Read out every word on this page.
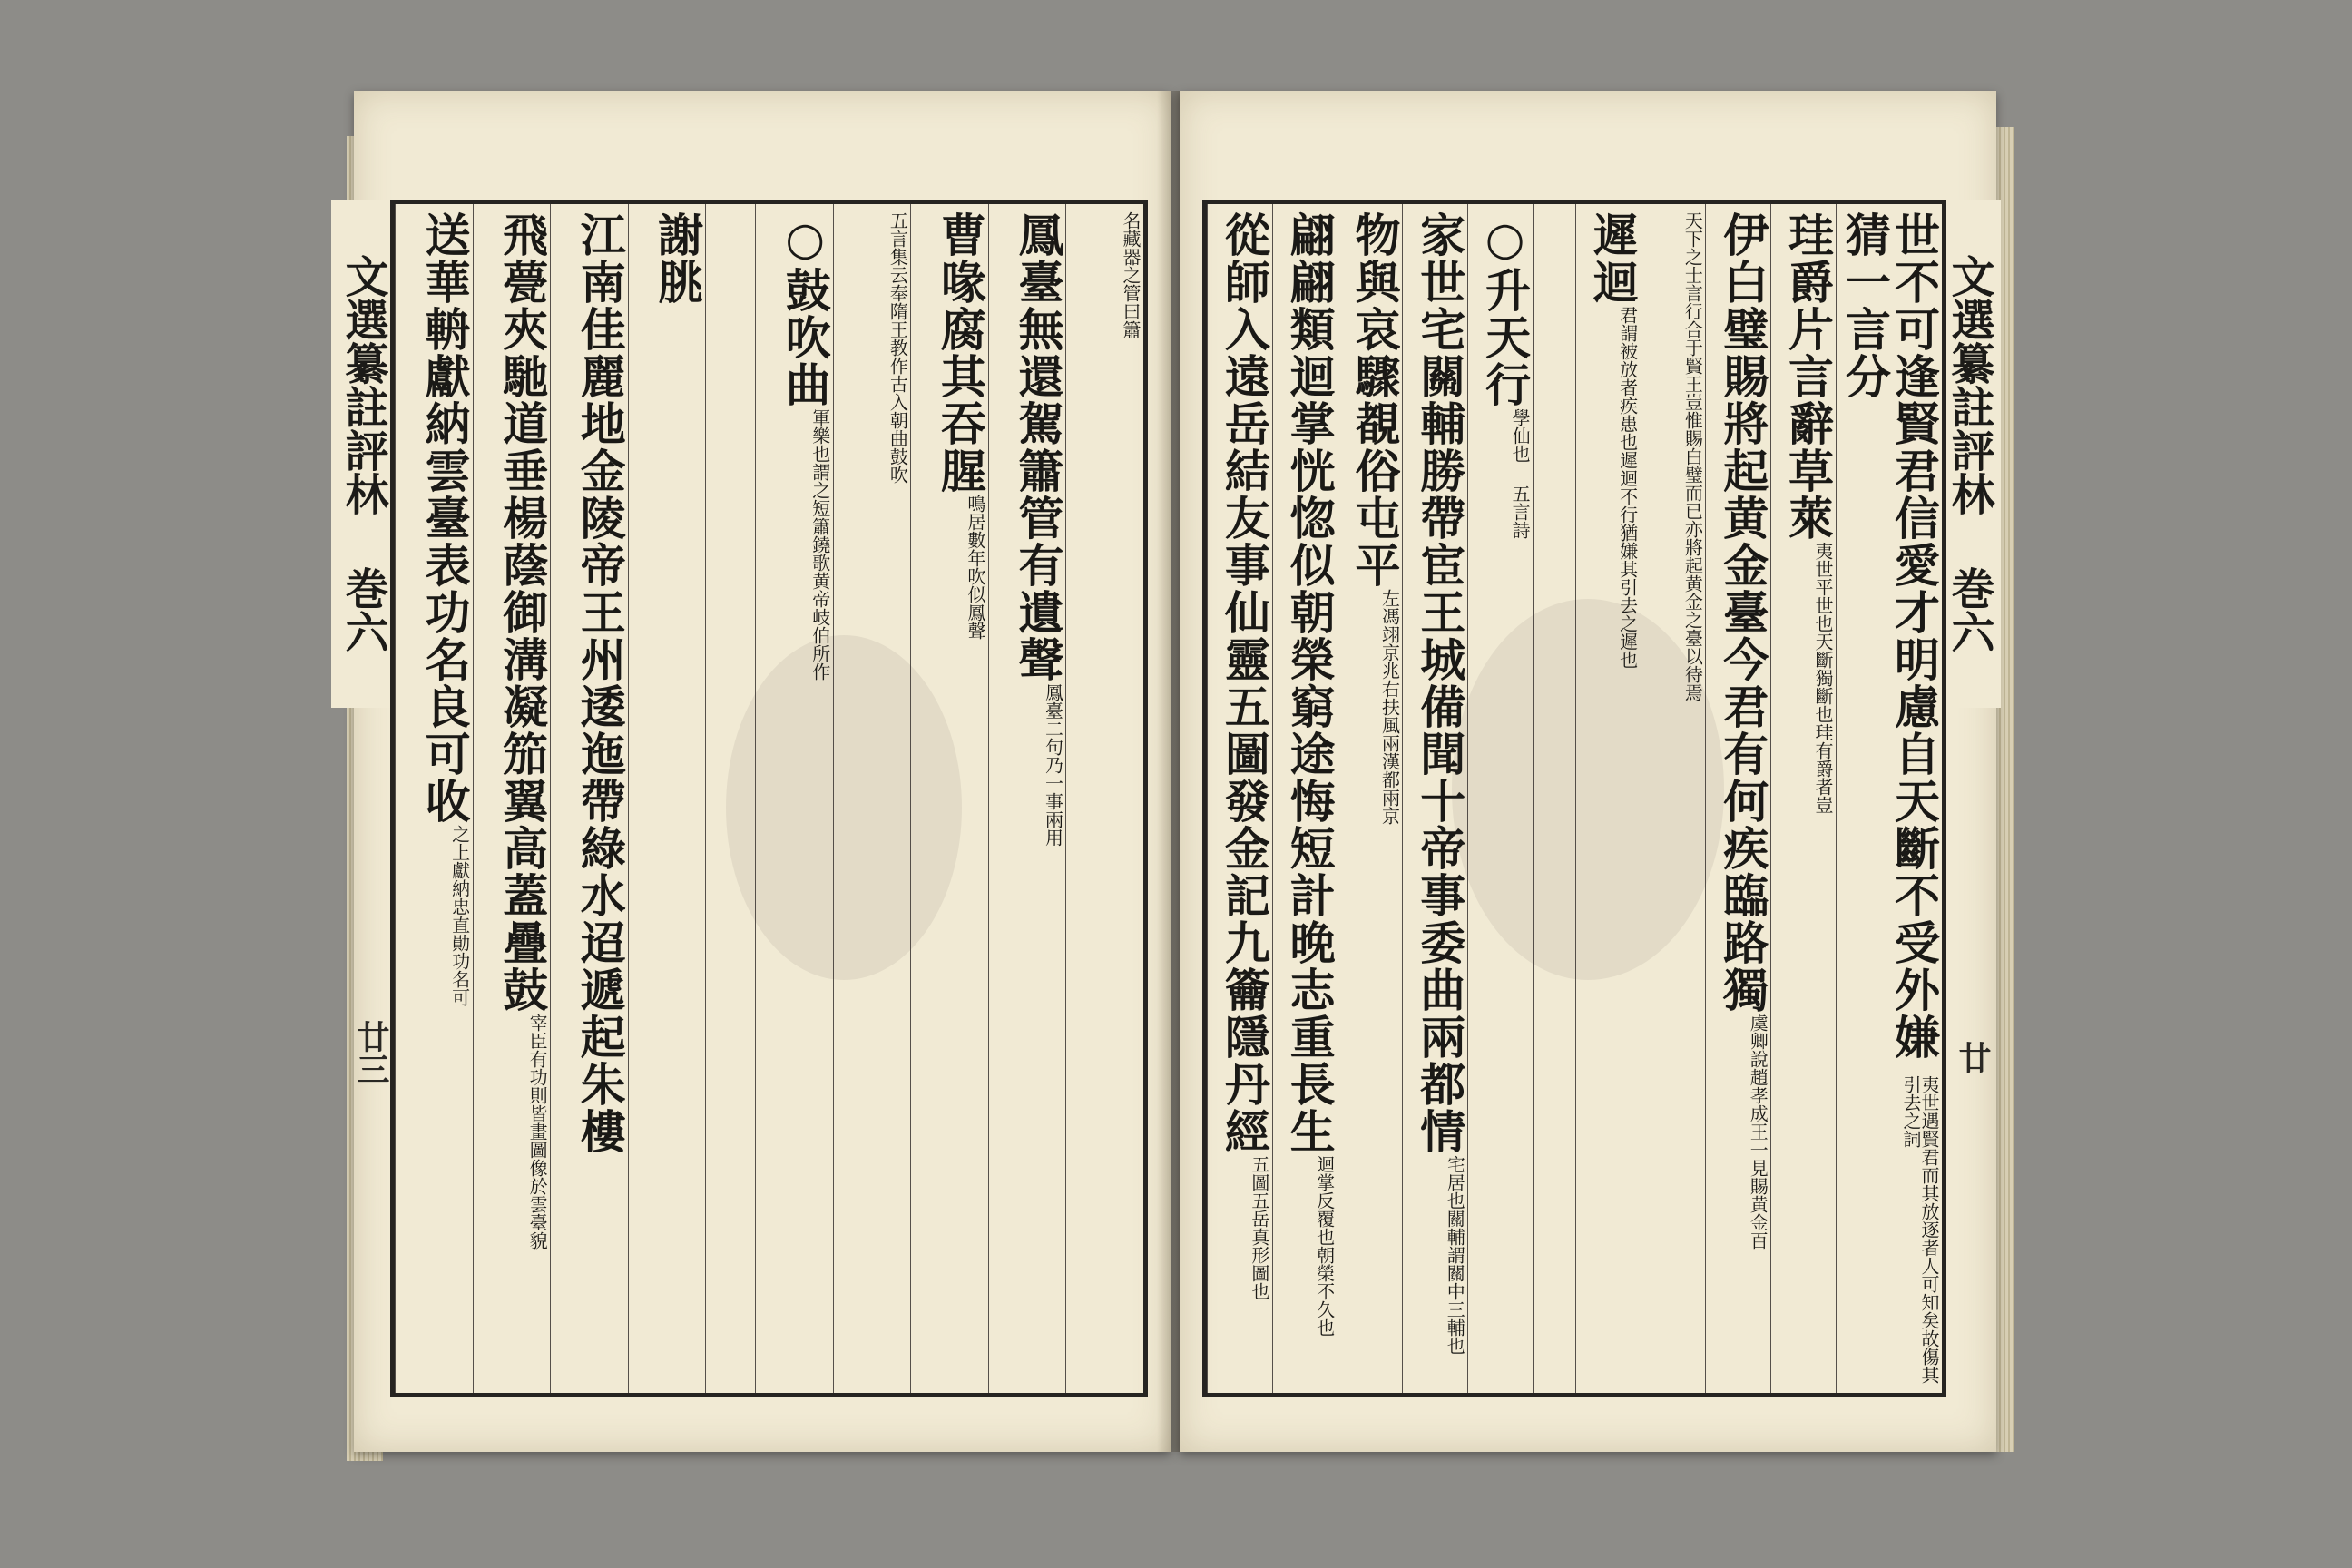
文選纂註評林 巻六
廿三
名藏器之管曰簫
鳳臺無還駕簫管有遺聲
鳳臺二句乃一事兩用
曹喙腐其吞腥
鳴居數年吹似鳳聲
五言集云奉隋王教作古入朝曲鼓吹
○鼓吹曲
軍樂也謂之短簫鐃歌黄帝岐伯所作
謝朓
江南佳麗地金陵帝王州逶迤帶綠水迢遞起朱樓
飛甍夾馳道垂楊蔭御溝凝笳翼高蓋疊鼓
宰臣有功則皆畫圖像於雲臺貌
送華輈獻納雲臺表功名良可收
之上獻納忠直勛功名可
文選纂註評林 巻六
廿
世不可逢賢君信愛才明慮自天斷不受外嫌猜一言分
夷世遇賢君而其放逐者人可知矣故傷其引去之詞
珪爵片言辭草萊
夷世平世也天斷獨斷也珪有爵者豈
伊白璧賜將起黄金臺今君有何疾臨路獨
虞卿說趙孝成王一見賜黄金百
天下之士言行合于賢王豈惟賜白璧而已亦將起黄金之臺以待焉
遲迴
君謂被放者疾患也遲迴不行猶嫌其引去之遲也
○升天行
學仙也 五言詩
家世宅關輔勝帶宦王城備聞十帝事委曲兩都情
宅居也關輔謂關中三輔也
物與哀驟覩俗屯平
左馮翊京兆右扶風兩漢都兩京
翩翩類迴掌恍惚似朝榮窮途悔短計晚志重長生
迴掌反覆也朝榮不久也
從師入遠岳結友事仙靈五圖發金記九籥隱丹經
五圖五岳真形圖也
